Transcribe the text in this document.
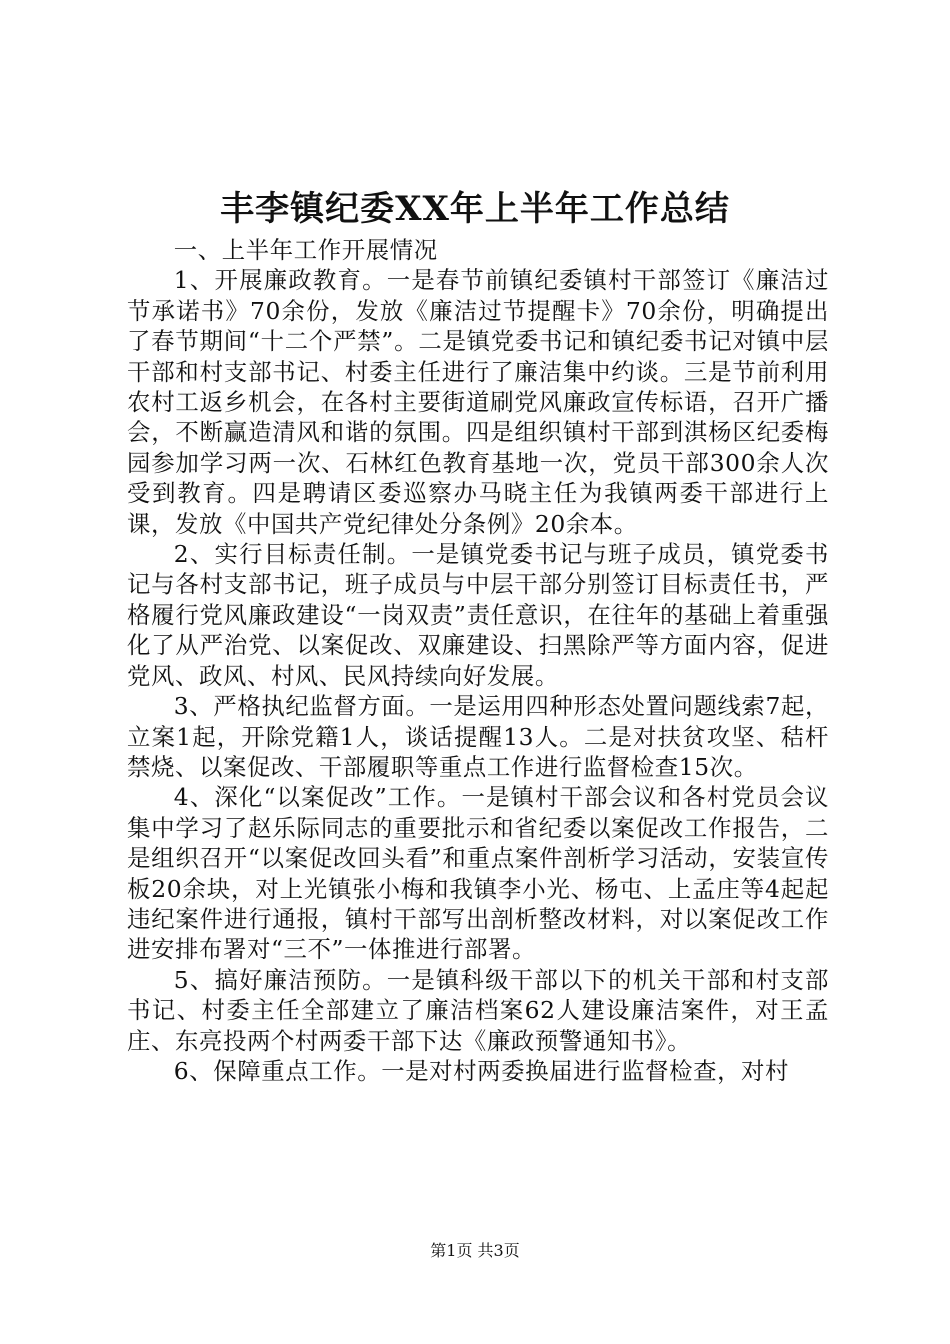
丰李镇纪委XX年上半年工作总结

一、上半年工作开展情况

1、开展廉政教育。一是春节前镇纪委镇村干部签订《廉洁过节承诺书》70余份，发放《廉洁过节提醒卡》70余份，明确提出了春节期间“十二个严禁”。二是镇党委书记和镇纪委书记对镇中层干部和村支部书记、村委主任进行了廉洁集中约谈。三是节前利用农村工返乡机会，在各村主要街道刷党风廉政宣传标语，召开广播会，不断赢造清风和谐的氛围。四是组织镇村干部到淇杨区纪委梅园参加学习两一次、石林红色教育基地一次，党员干部300余人次受到教育。四是聘请区委巡察办马晓主任为我镇两委干部进行上课，发放《中国共产党纪律处分条例》20余本。

2、实行目标责任制。一是镇党委书记与班子成员，镇党委书记与各村支部书记，班子成员与中层干部分别签订目标责任书，严格履行党风廉政建设“一岗双责”责任意识，在往年的基础上着重强化了从严治党、以案促改、双廉建设、扫黑除严等方面内容，促进党风、政风、村风、民风持续向好发展。

3、严格执纪监督方面。一是运用四种形态处置问题线索7起，立案1起，开除党籍1人，谈话提醒13人。二是对扶贫攻坚、秸杆禁烧、以案促改、干部履职等重点工作进行监督检查15次。

4、深化“以案促改”工作。一是镇村干部会议和各村党员会议集中学习了赵乐际同志的重要批示和省纪委以案促改工作报告，二是组织召开“以案促改回头看”和重点案件剖析学习活动，安装宣传板20余块，对上光镇张小梅和我镇李小光、杨屯、上孟庄等4起起违纪案件进行通报，镇村干部写出剖析整改材料，对以案促改工作进安排布署对“三不”一体推进行部署。

5、搞好廉洁预防。一是镇科级干部以下的机关干部和村支部书记、村委主任全部建立了廉洁档案62人建设廉洁案件，对王孟庄、东亮投两个村两委干部下达《廉政预警通知书》。

6、保障重点工作。一是对村两委换届进行监督检查，对村

第1页 共3页
